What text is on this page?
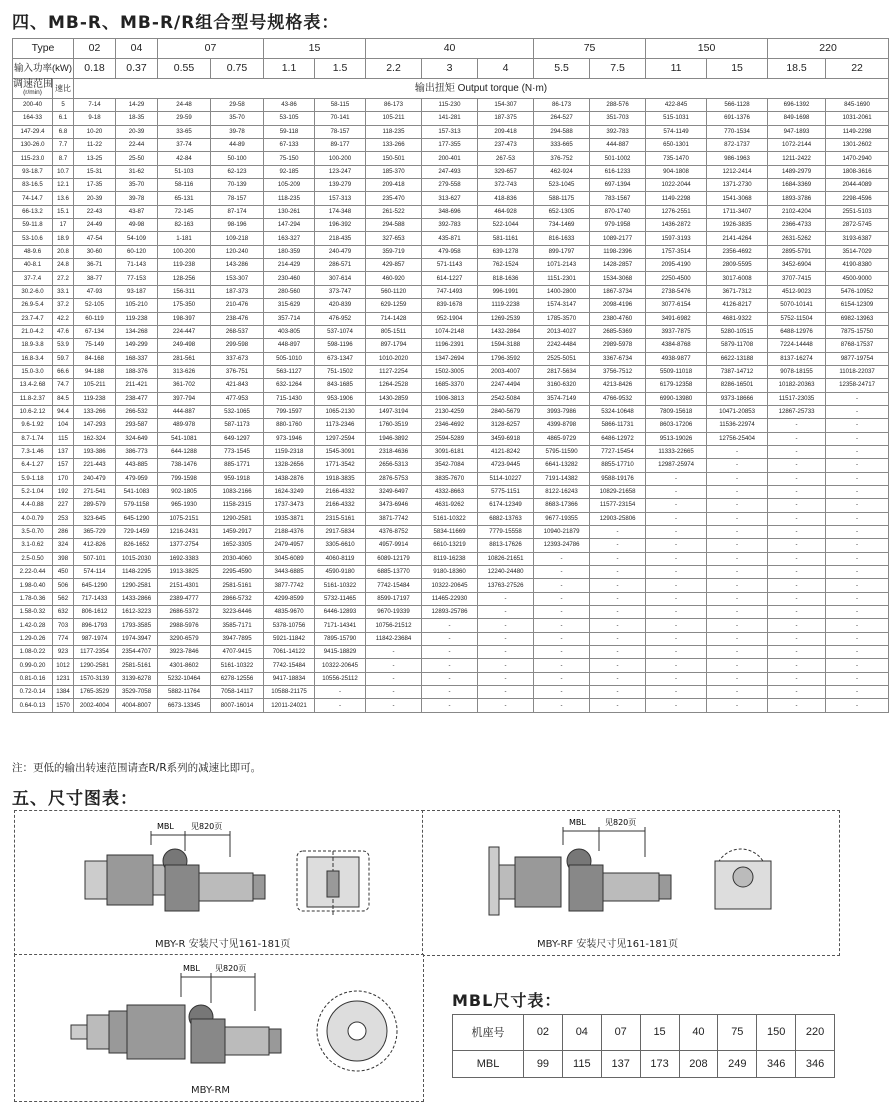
四、MB-R、MB-R/R组合型号规格表：
Type		02	04	07		15		40			75		150		220	
输入功率(kW)		0.18	0.37	0.55	0.75	1.1	1.5	2.2	3	4	5.5	7.5	11	15	18.5	22

调速范围
(r/min)	速比	输出扭矩 Output torque (N·m)														
200-40	5	7-14	14-29	24-48	29-58	43-86	58-115	86-173	115-230	154-307	86-173	288-576	422-845	566-1128	696-1392	845-1690
164-33	6.1	9-18	18-35	29-59	35-70	53-105	70-141	105-211	141-281	187-375	264-527	351-703	515-1031	691-1376	849-1698	1031-2061
147-29.4	6.8	10-20	20-39	33-65	39-78	59-118	78-157	118-235	157-313	209-418	294-588	392-783	574-1149	770-1534	947-1893	1149-2298
130-26.0	7.7	11-22	22-44	37-74	44-89	67-133	89-177	133-266	177-355	237-473	333-665	444-887	650-1301	872-1737	1072-2144	1301-2602
115-23.0	8.7	13-25	25-50	42-84	50-100	75-150	100-200	150-501	200-401	267-53	376-752	501-1002	735-1470	986-1963	1211-2422	1470-2940
93-18.7	10.7	15-31	31-62	51-103	62-123	92-185	123-247	185-370	247-493	329-657	462-924	616-1233	904-1808	1212-2414	1489-2979	1808-3616
83-16.5	12.1	17-35	35-70	58-116	70-139	105-209	139-279	209-418	279-558	372-743	523-1045	697-1394	1022-2044	1371-2730	1684-3369	2044-4089
74-14.7	13.6	20-39	39-78	65-131	78-157	118-235	157-313	235-470	313-627	418-836	588-1175	783-1567	1149-2298	1541-3068	1893-3786	2298-4596
66-13.2	15.1	22-43	43-87	72-145	87-174	130-261	174-348	261-522	348-696	464-928	652-1305	870-1740	1276-2551	1711-3407	2102-4204	2551-5103
59-11.8	17	24-49	49-98	82-163	98-196	147-294	196-392	294-588	392-783	522-1044	734-1469	979-1958	1436-2872	1926-3835	2366-4733	2872-5745
53-10.6	18.9	47-54	54-109	1-181	109-218	163-327	218-435	327-653	435-871	581-1161	816-1633	1089-2177	1597-3193	2141-4264	2631-5262	3193-6387
48-9.6	20.8	30-60	60-120	100-200	120-240	180-359	240-479	359-719	479-958	639-1278	899-1797	1198-2396	1757-3514	2356-4692	2895-5791	3514-7029
40-8.1	24.8	36-71	71-143	119-238	143-286	214-429	286-571	429-857	571-1143	762-1524	1071-2143	1428-2857	2095-4190	2809-5595	3452-6904	4190-8380
37-7.4	27.2	38-77	77-153	128-256	153-307	230-460	307-614	460-920	614-1227	818-1636	1151-2301	1534-3068	2250-4500	3017-6008	3707-7415	4500-9000
30.2-6.0	33.1	47-93	93-187	156-311	187-373	280-560	373-747	560-1120	747-1493	996-1991	1400-2800	1867-3734	2738-5476	3671-7312	4512-9023	5476-10952
26.9-5.4	37.2	52-105	105-210	175-350	210-476	315-629	420-839	629-1259	839-1678	1119-2238	1574-3147	2098-4196	3077-6154	4126-8217	5070-10141	6154-12309
23.7-4.7	42.2	60-119	119-238	198-397	238-476	357-714	476-952	714-1428	952-1904	1269-2539	1785-3570	2380-4760	3491-6982	4681-9322	5752-11504	6982-13963
21.0-4.2	47.6	67-134	134-268	224-447	268-537	403-805	537-1074	805-1511	1074-2148	1432-2864	2013-4027	2685-5369	3937-7875	5280-10515	6488-12976	7875-15750
18.9-3.8	53.9	75-149	149-299	249-498	299-598	448-897	598-1196	897-1794	1196-2391	1594-3188	2242-4484	2989-5978	4384-8768	5879-11708	7224-14448	8768-17537
16.8-3.4	59.7	84-168	168-337	281-561	337-673	505-1010	673-1347	1010-2020	1347-2694	1796-3592	2525-5051	3367-6734	4938-9877	6622-13188	8137-16274	9877-19754
15.0-3.0	66.6	94-188	188-376	313-626	376-751	563-1127	751-1502	1127-2254	1502-3005	2003-4007	2817-5634	3756-7512	5509-11018	7387-14712	9078-18155	11018-22037
13.4-2.68	74.7	105-211	211-421	361-702	421-843	632-1264	843-1685	1264-2528	1685-3370	2247-4494	3160-6320	4213-8426	6179-12358	8286-16501	10182-20363	12358-24717
11.8-2.37	84.5	119-238	238-477	397-794	477-953	715-1430	953-1906	1430-2859	1906-3813	2542-5084	3574-7149	4766-9532	6990-13980	9373-18666	11517-23035	-
10.6-2.12	94.4	133-266	266-532	444-887	532-1065	799-1597	1065-2130	1497-3194	2130-4259	2840-5679	3993-7986	5324-10648	7809-15618	10471-20853	12867-25733	-
9.6-1.92	104	147-293	293-587	489-978	587-1173	880-1760	1173-2346	1760-3519	2346-4692	3128-6257	4399-8798	5866-11731	8603-17206	11536-22974	-	-
8.7-1.74	115	162-324	324-649	541-1081	649-1297	973-1946	1297-2594	1946-3892	2594-5289	3459-6918	4865-9729	6486-12972	9513-19026	12756-25404	-	-
7.3-1.46	137	193-386	386-773	644-1288	773-1545	1159-2318	1545-3091	2318-4636	3091-6181	4121-8242	5795-11590	7727-15454	11333-22665	-	-	-
6.4-1.27	157	221-443	443-885	738-1476	885-1771	1328-2656	1771-3542	2656-5313	3542-7084	4723-9445	6641-13282	8855-17710	12987-25974	-	-	-
5.9-1.18	170	240-479	479-959	799-1598	959-1918	1438-2876	1918-3835	2876-5753	3835-7670	5114-10227	7191-14382	9588-19176	-	-	-	-
5.2-1.04	192	271-541	541-1083	902-1805	1083-2166	1624-3249	2166-4332	3249-6497	4332-8663	5775-1151	8122-16243	10829-21658	-	-	-	-
4.4-0.88	227	289-579	579-1158	965-1930	1158-2315	1737-3473	2166-4332	3473-6946	4631-9262	6174-12349	8683-17366	11577-23154	-	-	-	-
4.0-0.79	253	323-645	645-1290	1075-2151	1290-2581	1935-3871	2315-5161	3871-7742	5161-10322	6882-13763	9677-19355	12903-25806	-	-	-	-
3.5-0.70	286	365-729	729-1459	1216-2431	1459-2917	2188-4376	2917-5834	4376-8752	5834-11669	7779-15558	10940-21879	-	-	-	-	-
3.1-0.62	324	412-826	826-1652	1377-2754	1652-3305	2479-4957	3305-6610	4957-9914	6610-13219	8813-17626	12393-24786	-	-	-	-	-
2.5-0.50	398	507-101	1015-2030	1692-3383	2030-4060	3045-6089	4060-8119	6089-12179	8119-16238	10826-21651	-	-	-	-	-	-
2.22-0.44	450	574-114	1148-2295	1913-3825	2295-4590	3443-6885	4590-9180	6885-13770	9180-18360	12240-24480	-	-	-	-	-	-
1.98-0.40	506	645-1290	1290-2581	2151-4301	2581-5161	3877-7742	5161-10322	7742-15484	10322-20645	13763-27526	-	-	-	-	-	-
1.78-0.36	562	717-1433	1433-2866	2389-4777	2866-5732	4299-8599	5732-11465	8599-17197	11465-22930	-	-	-	-	-	-	-
1.58-0.32	632	806-1612	1612-3223	2686-5372	3223-6446	4835-9670	6446-12893	9670-19339	12893-25786	-	-	-	-	-	-	-
1.42-0.28	703	896-1793	1793-3585	2988-5976	3585-7171	5378-10756	7171-14341	10756-21512	-	-	-	-	-	-	-	-
1.29-0.26	774	987-1974	1974-3947	3290-6579	3947-7895	5921-11842	7895-15790	11842-23684	-	-	-	-	-	-	-	-
1.08-0.22	923	1177-2354	2354-4707	3923-7846	4707-9415	7061-14122	9415-18829	-	-	-	-	-	-	-	-	-
0.99-0.20	1012	1290-2581	2581-5161	4301-8602	5161-10322	7742-15484	10322-20645	-	-	-	-	-	-	-	-	-
0.81-0.16	1231	1570-3139	3139-6278	5232-10464	6278-12556	9417-18834	10556-25112	-	-	-	-	-	-	-	-	-
0.72-0.14	1384	1765-3529	3529-7058	5882-11764	7058-14117	10588-21175	-	-	-	-	-	-	-	-	-	-
0.64-0.13	1570	2002-4004	4004-8007	6673-13345	8007-16014	12011-24021	-	-	-	-	-	-	-	-	-	-
注：更低的输出转速范围请查R/R系列的减速比即可。
五、尺寸图表：
MBL 见820页
MBY-R 安装尺寸见161-181页
MBL 见820页
MBY-RF 安装尺寸见161-181页
MBL 见820页
MBY-RM
MBL尺寸表：
机座号	02	04	07	15	40	75	150	220
MBL	99	115	137	173	208	249	346	346
